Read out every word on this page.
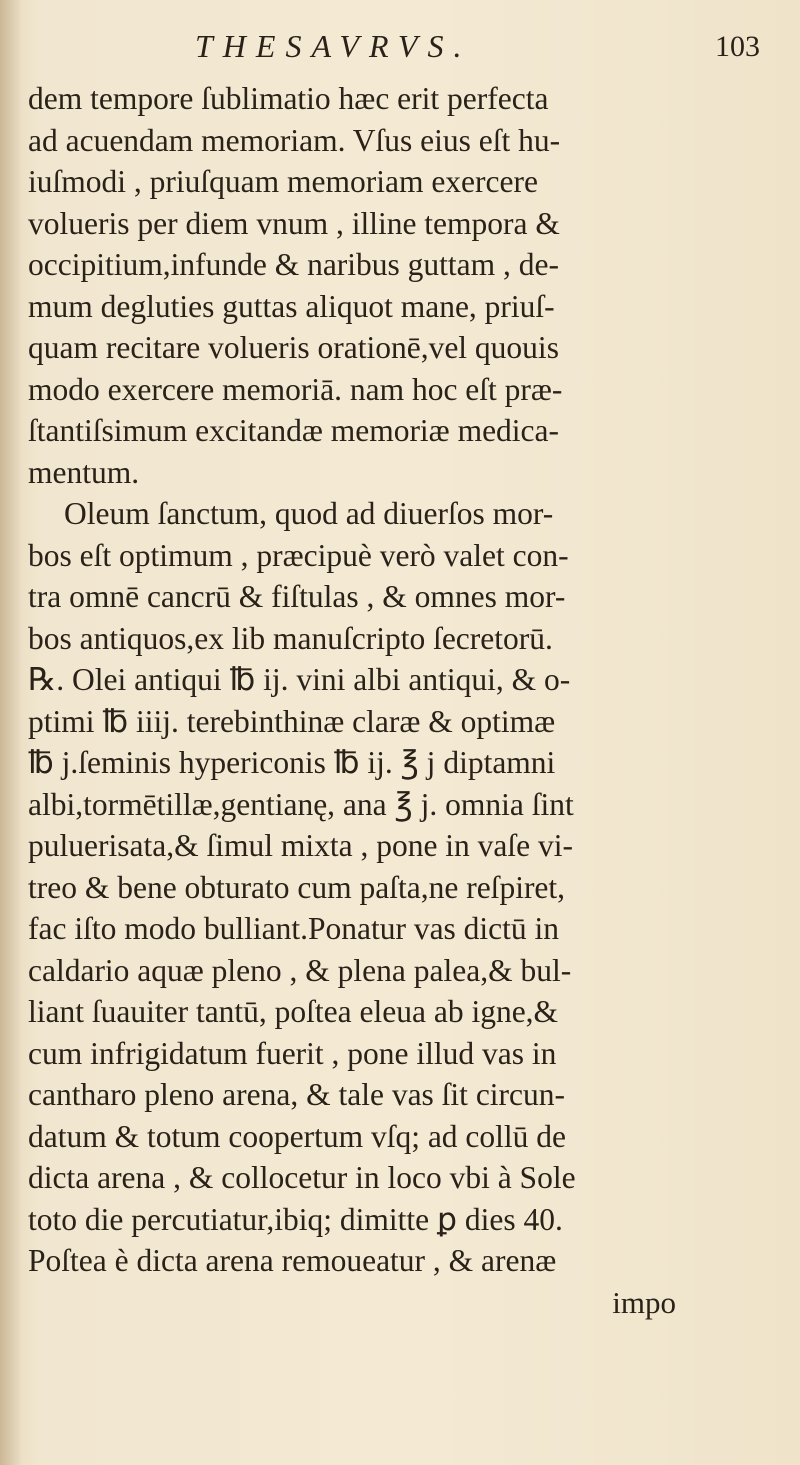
THESAVRVS.	103
dem tempore ſublimatio hæc erit perfecta
ad acuendam memoriam. Vſus eius eſt hu-
iuſmodi , priuſquam memoriam exercere
volueris per diem vnum , illine tempora &
occipitium,infunde & naribus guttam , de-
mum degluties guttas aliquot mane, priuſ-
quam recitare volueris orationē,vel quouis
modo exercere memoriā. nam hoc eſt præ-
ſtantiſsimum excitandæ memoriæ medica-
mentum.
Oleum ſanctum, quod ad diuerſos mor-
bos eſt optimum , præcipuè verò valet con-
tra omnē cancrū & fiſtulas , & omnes mor-
bos antiquos,ex lib manuſcripto ſecretorū.
℞. Olei antiqui ℔ ij. vini albi antiqui, & o-
ptimi ℔ iiij. terebinthinæ claræ & optimæ
℔ j.ſeminis hypericonis ℔ ij. ℥ j diptamni
albi,tormētillæ,gentianę, ana ℥ j. omnia ſint
puluerisata,& ſimul mixta , pone in vaſe vi-
treo & bene obturato cum paſta,ne reſpiret,
fac iſto modo bulliant.Ponatur vas dictū in
caldario aquæ pleno , & plena palea,& bul-
liant ſuauiter tantū, poſtea eleua ab igne,&
cum infrigidatum fuerit , pone illud vas in
cantharo pleno arena, & tale vas ſit circun-
datum & totum coopertum vſq; ad collū de
dicta arena , & collocetur in loco vbi à Sole
toto die percutiatur,ibiq; dimitte ꝑ dies 40.
Poſtea è dicta arena remoueatur , & arenæ
impo
